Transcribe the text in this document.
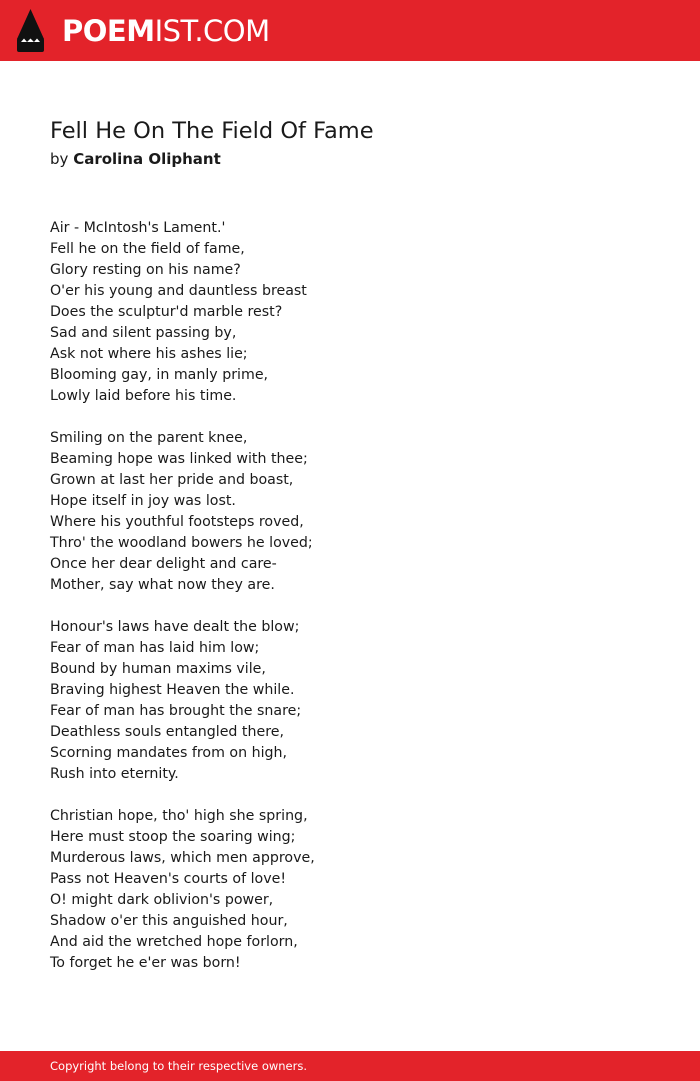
POEMIST.COM
Fell He On The Field Of Fame
by Carolina Oliphant
Air - McIntosh's Lament.'
Fell he on the field of fame,
Glory resting on his name?
O'er his young and dauntless breast
Does the sculptur'd marble rest?
Sad and silent passing by,
Ask not where his ashes lie;
Blooming gay, in manly prime,
Lowly laid before his time.
Smiling on the parent knee,
Beaming hope was linked with thee;
Grown at last her pride and boast,
Hope itself in joy was lost.
Where his youthful footsteps roved,
Thro' the woodland bowers he loved;
Once her dear delight and care-
Mother, say what now they are.
Honour's laws have dealt the blow;
Fear of man has laid him low;
Bound by human maxims vile,
Braving highest Heaven the while.
Fear of man has brought the snare;
Deathless souls entangled there,
Scorning mandates from on high,
Rush into eternity.
Christian hope, tho' high she spring,
Here must stoop the soaring wing;
Murderous laws, which men approve,
Pass not Heaven's courts of love!
O! might dark oblivion's power,
Shadow o'er this anguished hour,
And aid the wretched hope forlorn,
To forget he e'er was born!
Copyright belong to their respective owners.
